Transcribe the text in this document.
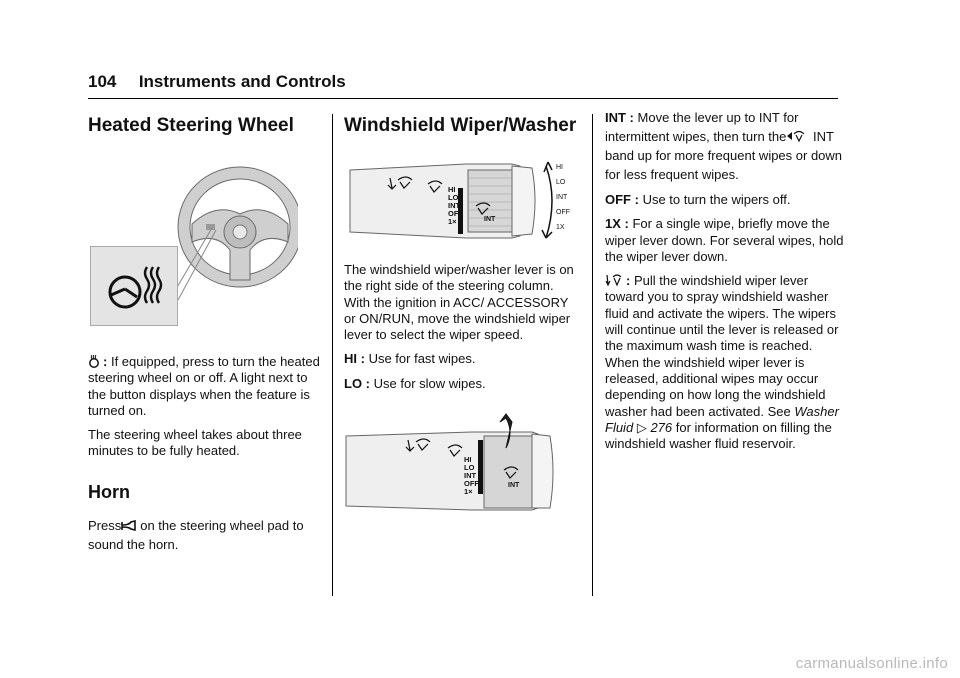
104 Instruments and Controls
Heated Steering Wheel

: If equipped, press to turn the heated steering wheel on or off. A light next to the button displays when the feature is turned on.

The steering wheel takes about three minutes to be fully heated.

Horn

Press on the steering wheel pad to sound the horn.

Windshield Wiper/Washer
HI
LO
INT
OFF
1×	INT
HI
LO
INT
OFF
1X

The windshield wiper/washer lever is on the right side of the steering column. With the ignition in ACC/ ACCESSORY or ON/RUN, move the windshield wiper lever to select the wiper speed.

HI : Use for fast wipes.

LO : Use for slow wipes.

HI
LO
INT
OFF
1×
INT

INT : Move the lever up to INT for intermittent wipes, then turn the INT band up for more frequent wipes or down for less frequent wipes.

OFF : Use to turn the wipers off.

1X : For a single wipe, briefly move the wiper lever down. For several wipes, hold the wiper lever down.

: Pull the windshield wiper lever toward you to spray windshield washer fluid and activate the wipers. The wipers will continue until the lever is released or the maximum wash time is reached. When the windshield wiper lever is released, additional wipes may occur depending on how long the windshield washer had been activated. See Washer Fluid ▷ 276 for information on filling the windshield washer fluid reservoir.

carmanualsonline.info
